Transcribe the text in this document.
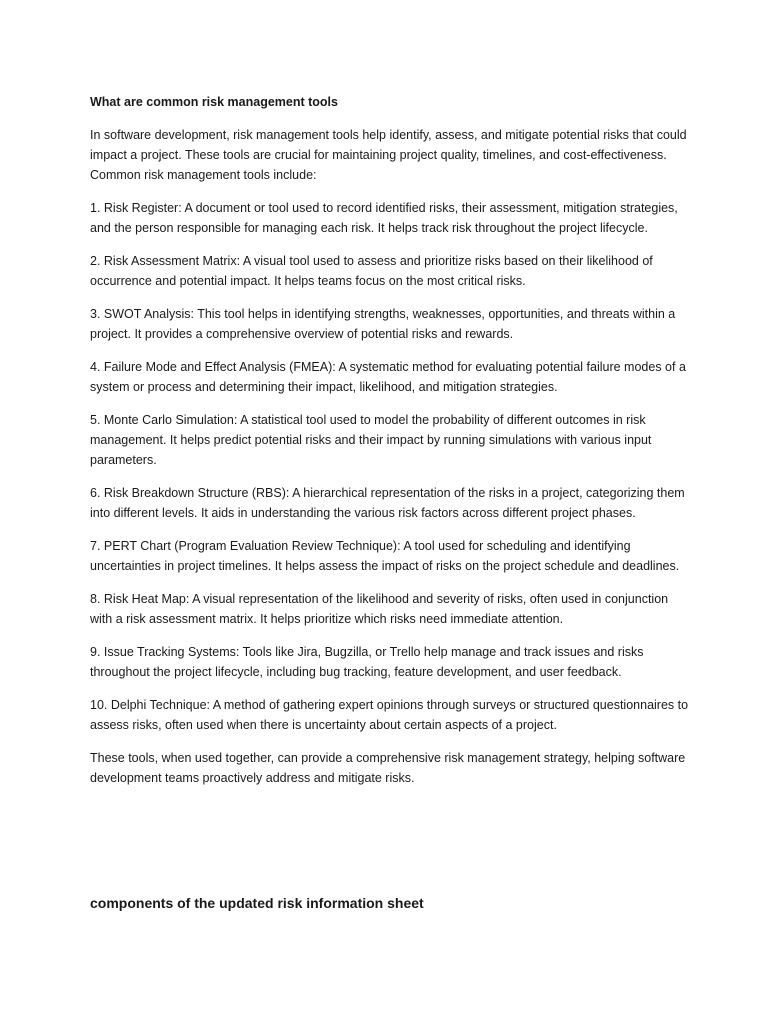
What are common risk management tools

In software development, risk management tools help identify, assess, and mitigate potential risks that could impact a project. These tools are crucial for maintaining project quality, timelines, and cost-effectiveness. Common risk management tools include:

1. Risk Register: A document or tool used to record identified risks, their assessment, mitigation strategies, and the person responsible for managing each risk. It helps track risk throughout the project lifecycle.

2. Risk Assessment Matrix: A visual tool used to assess and prioritize risks based on their likelihood of occurrence and potential impact. It helps teams focus on the most critical risks.

3. SWOT Analysis: This tool helps in identifying strengths, weaknesses, opportunities, and threats within a project. It provides a comprehensive overview of potential risks and rewards.

4. Failure Mode and Effect Analysis (FMEA): A systematic method for evaluating potential failure modes of a system or process and determining their impact, likelihood, and mitigation strategies.

5. Monte Carlo Simulation: A statistical tool used to model the probability of different outcomes in risk management. It helps predict potential risks and their impact by running simulations with various input parameters.

6. Risk Breakdown Structure (RBS): A hierarchical representation of the risks in a project, categorizing them into different levels. It aids in understanding the various risk factors across different project phases.

7. PERT Chart (Program Evaluation Review Technique): A tool used for scheduling and identifying uncertainties in project timelines. It helps assess the impact of risks on the project schedule and deadlines.

8. Risk Heat Map: A visual representation of the likelihood and severity of risks, often used in conjunction with a risk assessment matrix. It helps prioritize which risks need immediate attention.

9. Issue Tracking Systems: Tools like Jira, Bugzilla, or Trello help manage and track issues and risks throughout the project lifecycle, including bug tracking, feature development, and user feedback.

10. Delphi Technique: A method of gathering expert opinions through surveys or structured questionnaires to assess risks, often used when there is uncertainty about certain aspects of a project.

These tools, when used together, can provide a comprehensive risk management strategy, helping software development teams proactively address and mitigate risks.

components of the updated risk information sheet
